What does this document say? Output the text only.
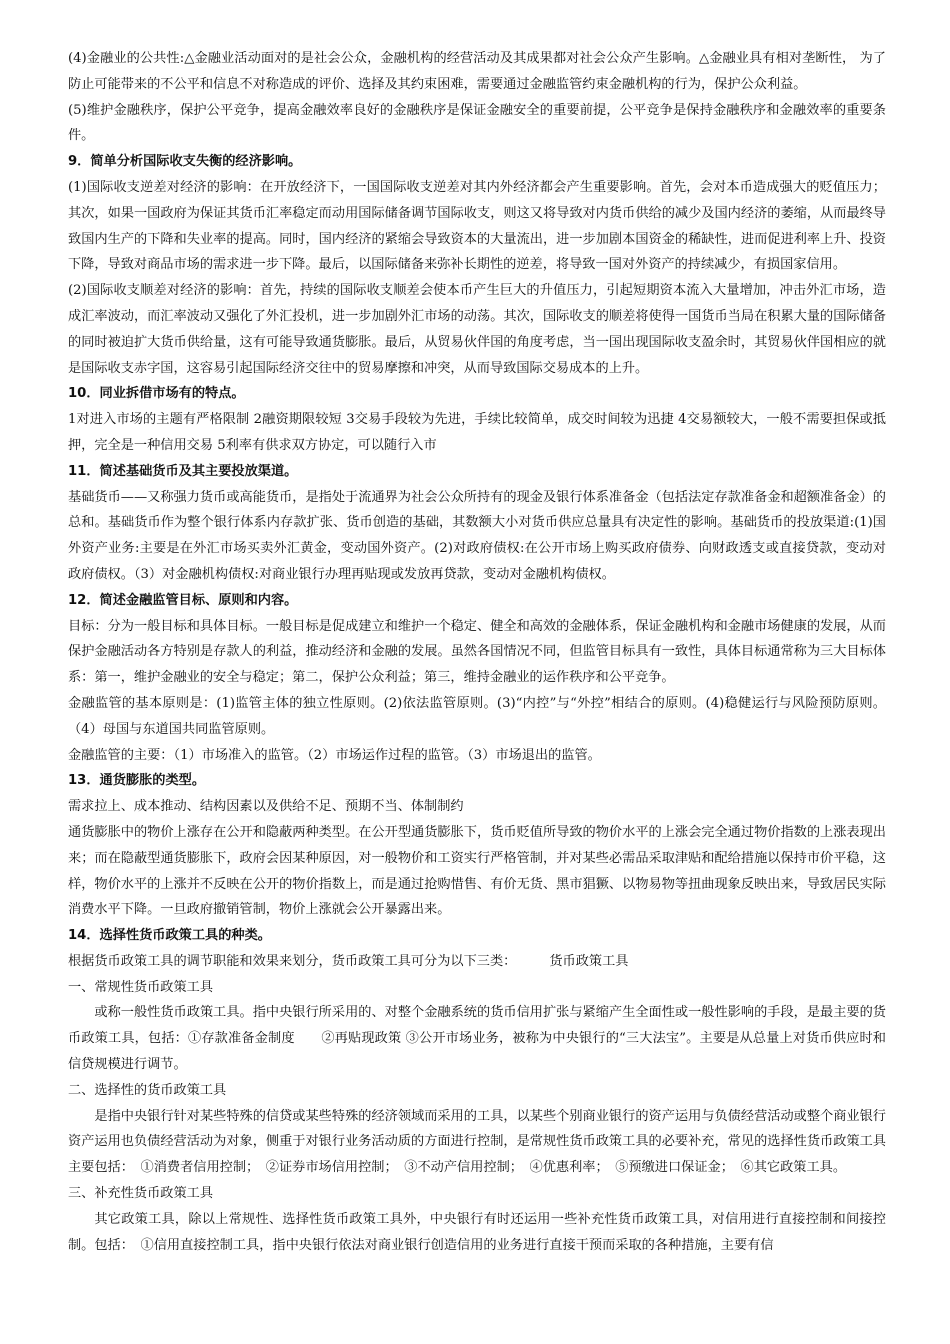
(4)金融业的公共性:△金融业活动面对的是社会公众，金融机构的经营活动及其成果都对社会公众产生影响。△金融业具有相对垄断性， 为了防止可能带来的不公平和信息不对称造成的评价、选择及其约束困难，需要通过金融监管约束金融机构的行为，保护公众利益。

(5)维护金融秩序，保护公平竞争，提高金融效率良好的金融秩序是保证金融安全的重要前提，公平竞争是保持金融秩序和金融效率的重要条件。

9．简单分析国际收支失衡的经济影响。

(1)国际收支逆差对经济的影响：在开放经济下，一国国际收支逆差对其内外经济都会产生重要影响。首先，会对本币造成强大的贬值压力；其次，如果一国政府为保证其货币汇率稳定而动用国际储备调节国际收支，则这又将导致对内货币供给的减少及国内经济的萎缩，从而最终导致国内生产的下降和失业率的提高。同时，国内经济的紧缩会导致资本的大量流出，进一步加剧本国资金的稀缺性，进而促进利率上升、投资下降，导致对商品市场的需求进一步下降。最后，以国际储备来弥补长期性的逆差，将导致一国对外资产的持续减少，有损国家信用。

(2)国际收支顺差对经济的影响：首先，持续的国际收支顺差会使本币产生巨大的升值压力，引起短期资本流入大量增加，冲击外汇市场，造成汇率波动，而汇率波动又强化了外汇投机，进一步加剧外汇市场的动荡。其次，国际收支的顺差将使得一国货币当局在积累大量的国际储备的同时被迫扩大货币供给量，这有可能导致通货膨胀。最后，从贸易伙伴国的角度考虑，当一国出现国际收支盈余时，其贸易伙伴国相应的就是国际收支赤字国，这容易引起国际经济交往中的贸易摩擦和冲突，从而导致国际交易成本的上升。

10．同业拆借市场有的特点。

1对进入市场的主题有严格限制 2融资期限较短 3交易手段较为先进，手续比较简单，成交时间较为迅捷 4交易额较大，一般不需要担保或抵押，完全是一种信用交易 5利率有供求双方协定，可以随行入市

11．简述基础货币及其主要投放渠道。

基础货币——又称强力货币或高能货币，是指处于流通界为社会公众所持有的现金及银行体系准备金（包括法定存款准备金和超额准备金）的总和。基础货币作为整个银行体系内存款扩张、货币创造的基础，其数额大小对货币供应总量具有决定性的影响。基础货币的投放渠道:(1)国外资产业务:主要是在外汇市场买卖外汇黄金，变动国外资产。(2)对政府债权:在公开市场上购买政府债券、向财政透支或直接贷款，变动对政府债权。（3）对金融机构债权:对商业银行办理再贴现或发放再贷款，变动对金融机构债权。

12．简述金融监管目标、原则和内容。

目标：分为一般目标和具体目标。一般目标是促成建立和维护一个稳定、健全和高效的金融体系，保证金融机构和金融市场健康的发展，从而保护金融活动各方特别是存款人的利益，推动经济和金融的发展。虽然各国情况不同，但监管目标具有一致性，具体目标通常称为三大目标体系：第一，维护金融业的安全与稳定；第二，保护公众利益；第三，维持金融业的运作秩序和公平竞争。

金融监管的基本原则是：(1)监管主体的独立性原则。(2)依法监管原则。(3)“内控”与“外控”相结合的原则。(4)稳健运行与风险预防原则。（4）母国与东道国共同监管原则。

金融监管的主要：（1）市场准入的监管。（2）市场运作过程的监管。（3）市场退出的监管。

13．通货膨胀的类型。

需求拉上、成本推动、结构因素以及供给不足、预期不当、体制制约

通货膨胀中的物价上涨存在公开和隐蔽两种类型。在公开型通货膨胀下，货币贬值所导致的物价水平的上涨会完全通过物价指数的上涨表现出来；而在隐蔽型通货膨胀下，政府会因某种原因，对一般物价和工资实行严格管制，并对某些必需品采取津贴和配给措施以保持市价平稳，这样，物价水平的上涨并不反映在公开的物价指数上，而是通过抢购惜售、有价无货、黑市猖獗、以物易物等扭曲现象反映出来，导致居民实际消费水平下降。一旦政府撤销管制，物价上涨就会公开暴露出来。

14．选择性货币政策工具的种类。

根据货币政策工具的调节职能和效果来划分，货币政策工具可分为以下三类：　　　货币政策工具

一、常规性货币政策工具

或称一般性货币政策工具。指中央银行所采用的、对整个金融系统的货币信用扩张与紧缩产生全面性或一般性影响的手段，是最主要的货币政策工具，包括：①存款准备金制度　　②再贴现政策 ③公开市场业务，被称为中央银行的“三大法宝”。主要是从总量上对货币供应时和信贷规模进行调节。

二、选择性的货币政策工具

是指中央银行针对某些特殊的信贷或某些特殊的经济领域而采用的工具，以某些个别商业银行的资产运用与负债经营活动或整个商业银行资产运用也负债经营活动为对象，侧重于对银行业务活动质的方面进行控制，是常规性货币政策工具的必要补充，常见的选择性货币政策工具主要包括：　①消费者信用控制；　②证券市场信用控制；　③不动产信用控制；　④优惠利率；　⑤预缴进口保证金；　⑥其它政策工具。

三、补充性货币政策工具

其它政策工具，除以上常规性、选择性货币政策工具外，中央银行有时还运用一些补充性货币政策工具，对信用进行直接控制和间接控制。包括：　①信用直接控制工具，指中央银行依法对商业银行创造信用的业务进行直接干预而采取的各种措施，主要有信
